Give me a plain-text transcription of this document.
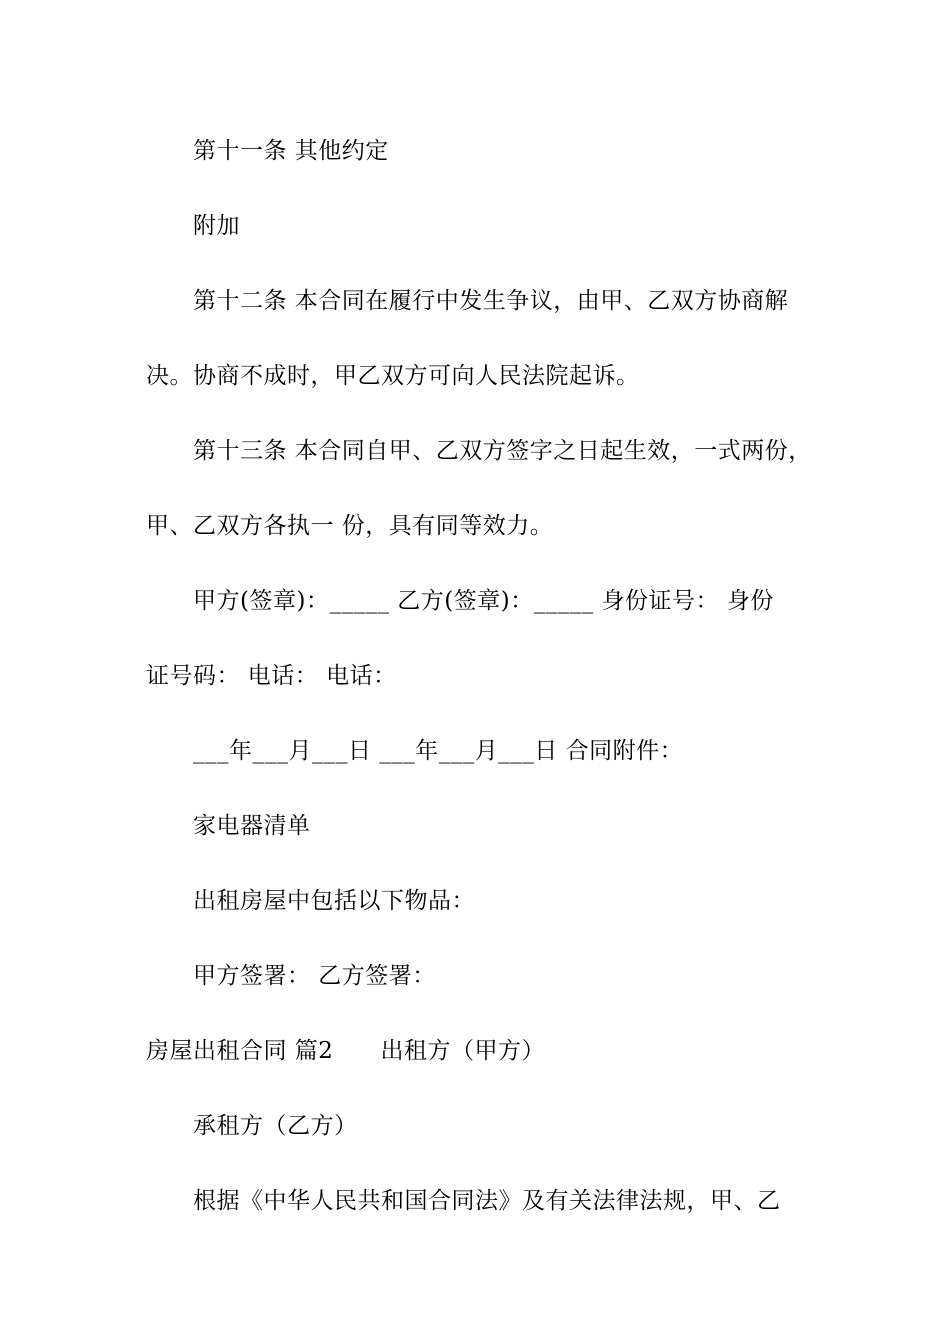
第十一条 其他约定
附加
第十二条 本合同在履行中发生争议，由甲、乙双方协商解
决。协商不成时，甲乙双方可向人民法院起诉。
第十三条 本合同自甲、乙双方签字之日起生效，一式两份，
甲、乙双方各执一 份，具有同等效力。
甲方(签章)：_____ 乙方(签章)：_____ 身份证号： 身份
证号码： 电话： 电话：
___年___月___日 ___年___月___日 合同附件：
家电器清单
出租房屋中包括以下物品：
甲方签署： 乙方签署：
房屋出租合同 篇2　　出租方（甲方）
承租方（乙方）
根据《中华人民共和国合同法》及有关法律法规，甲、乙
